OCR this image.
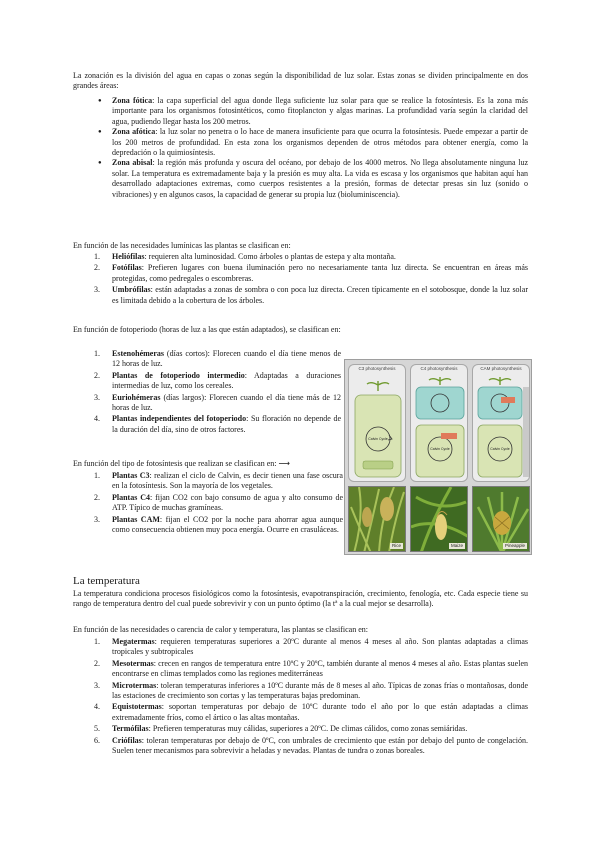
La zonación es la división del agua en capas o zonas según la disponibilidad de luz solar. Estas zonas se dividen principalmente en dos grandes áreas:

● Zona fótica: la capa superficial del agua donde llega suficiente luz solar para que se realice la fotosíntesis. Es la zona más importante para los organismos fotosintéticos, como fitoplancton y algas marinas. La profundidad varía según la claridad del agua, pudiendo llegar hasta los 200 metros.
● Zona afótica: la luz solar no penetra o lo hace de manera insuficiente para que ocurra la fotosíntesis. Puede empezar a partir de los 200 metros de profundidad. En esta zona los organismos dependen de otros métodos para obtener energía, como la depredación o la quimiosíntesis.
● Zona abisal: la región más profunda y oscura del océano, por debajo de los 4000 metros. No llega absolutamente ninguna luz solar. La temperatura es extremadamente baja y la presión es muy alta. La vida es escasa y los organismos que habitan aquí han desarrollado adaptaciones extremas, como cuerpos resistentes a la presión, formas de detectar presas sin luz (sonido o vibraciones) y en algunos casos, la capacidad de generar su propia luz (bioluminiscencia).

En función de las necesidades lumínicas las plantas se clasifican en:

1.	Heliófilas: requieren alta luminosidad. Como árboles o plantas de estepa y alta montaña.
2.	Fotófilas: Prefieren lugares con buena iluminación pero no necesariamente tanta luz directa. Se encuentran en áreas más protegidas, como pedregales o escombreras.
3.	Umbrófilas: están adaptadas a zonas de sombra o con poca luz directa. Crecen típicamente en el sotobosque, donde la luz solar es limitada debido a la cobertura de los árboles.

En función de fotoperiodo (horas de luz a las que están adaptados), se clasifican en:

1.	Estenohémeras (días cortos): Florecen cuando el día tiene menos de 12 horas de luz.
2.	Plantas de fotoperiodo intermedio: Adaptadas a duraciones intermedias de luz, como los cereales.
3.	Euriohémeras (días largos): Florecen cuando el día tiene más de 12 horas de luz.
4.	Plantas independientes del fotoperiodo: Su floración no depende de la duración del día, sino de otros factores.

En función del tipo de fotosíntesis que realizan se clasifican en: ⟶

1.	Plantas C3: realizan el ciclo de Calvin, es decir tienen una fase oscura en la fotosíntesis. Son la mayoría de los vegetales.
2.	Plantas C4: fijan CO2 con bajo consumo de agua y alto consumo de ATP. Típico de muchas gramíneas.
3.	Plantas CAM: fijan el CO2 por la noche para ahorrar agua aunque como consecuencia obtienen muy poca energía. Ocurre en crasuláceas.
C3 photosynthesis
Calvin Cycle
C4 photosynthesis
Calvin Cycle
CAM photosynthesis
Calvin Cycle
Rice	Maize	Pineapple
La temperatura

La temperatura condiciona procesos fisiológicos como la fotosíntesis, evapotranspiración, crecimiento, fenología, etc. Cada especie tiene su rango de temperatura dentro del cual puede sobrevivir y con un punto óptimo (la tª a la cual mejor se desarrolla).

En función de las necesidades o carencia de calor y temperatura, las plantas se clasifican en:

1.	Megatermas: requieren temperaturas superiores a 20ºC durante al menos 4 meses al año. Son plantas adaptadas a climas tropicales y subtropicales
2.	Mesotermas: crecen en rangos de temperatura entre 10ºC y 20ºC, también durante al menos 4 meses al año. Estas plantas suelen encontrarse en climas templados como las regiones mediterráneas
3.	Microtermas: toleran temperaturas inferiores a 10ºC durante más de 8 meses al año. Típicas de zonas frías o montañosas, donde las estaciones de crecimiento son cortas y las temperaturas bajas predominan.
4.	Equistotermas: soportan temperaturas por debajo de 10ºC durante todo el año por lo que están adaptadas a climas extremadamente fríos, como el ártico o las altas montañas.
5.	Termófilas: Prefieren temperaturas muy cálidas, superiores a 20ºC. De climas cálidos, como zonas semiáridas.
6.	Criófilas: toleran temperaturas por debajo de 0ºC, con umbrales de crecimiento que están por debajo del punto de congelación. Suelen tener mecanismos para sobrevivir a heladas y nevadas. Plantas de tundra o zonas boreales.
